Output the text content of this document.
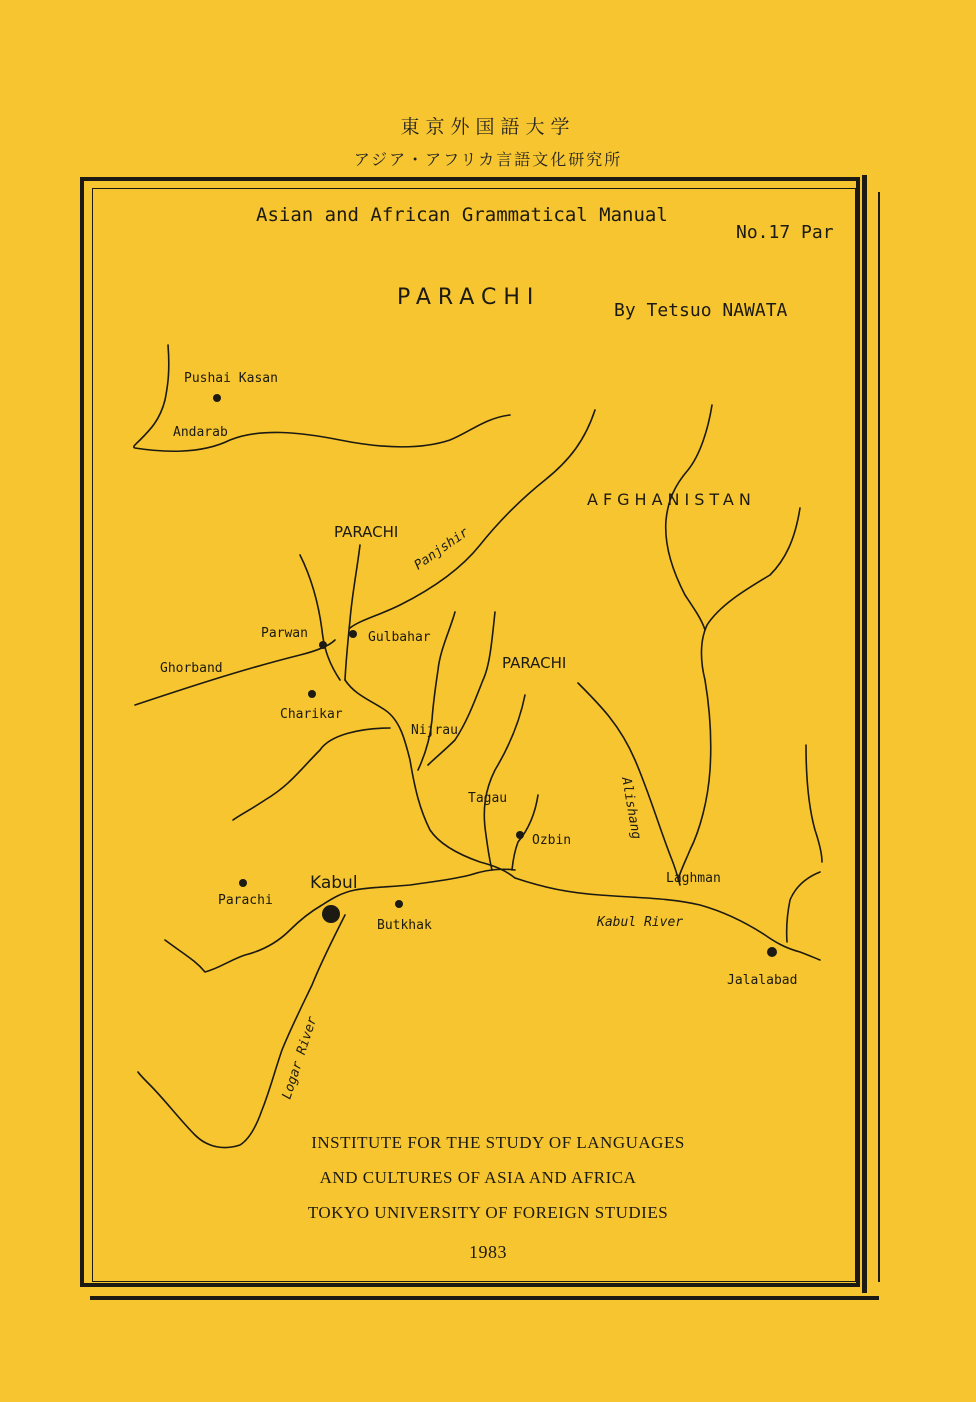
東京外国語大学
アジア・アフリカ言語文化研究所
Asian and African Grammatical Manual
No.17 Par
PARACHI
By Tetsuo NAWATA
Pushai Kasan
Andarab
AFGHANISTAN
PARACHI Panjshir
Parwan	Gulbahar
Ghorband	PARACHI
Charikar
Nijrau
Tagau	Alishang
Ozbin
Laghman
Kabul
Parachi
Butkhak	Kabul River
Jalalabad
Logar River
INSTITUTE FOR THE STUDY OF LANGUAGES
AND CULTURES OF ASIA AND AFRICA
TOKYO UNIVERSITY OF FOREIGN STUDIES
1983
